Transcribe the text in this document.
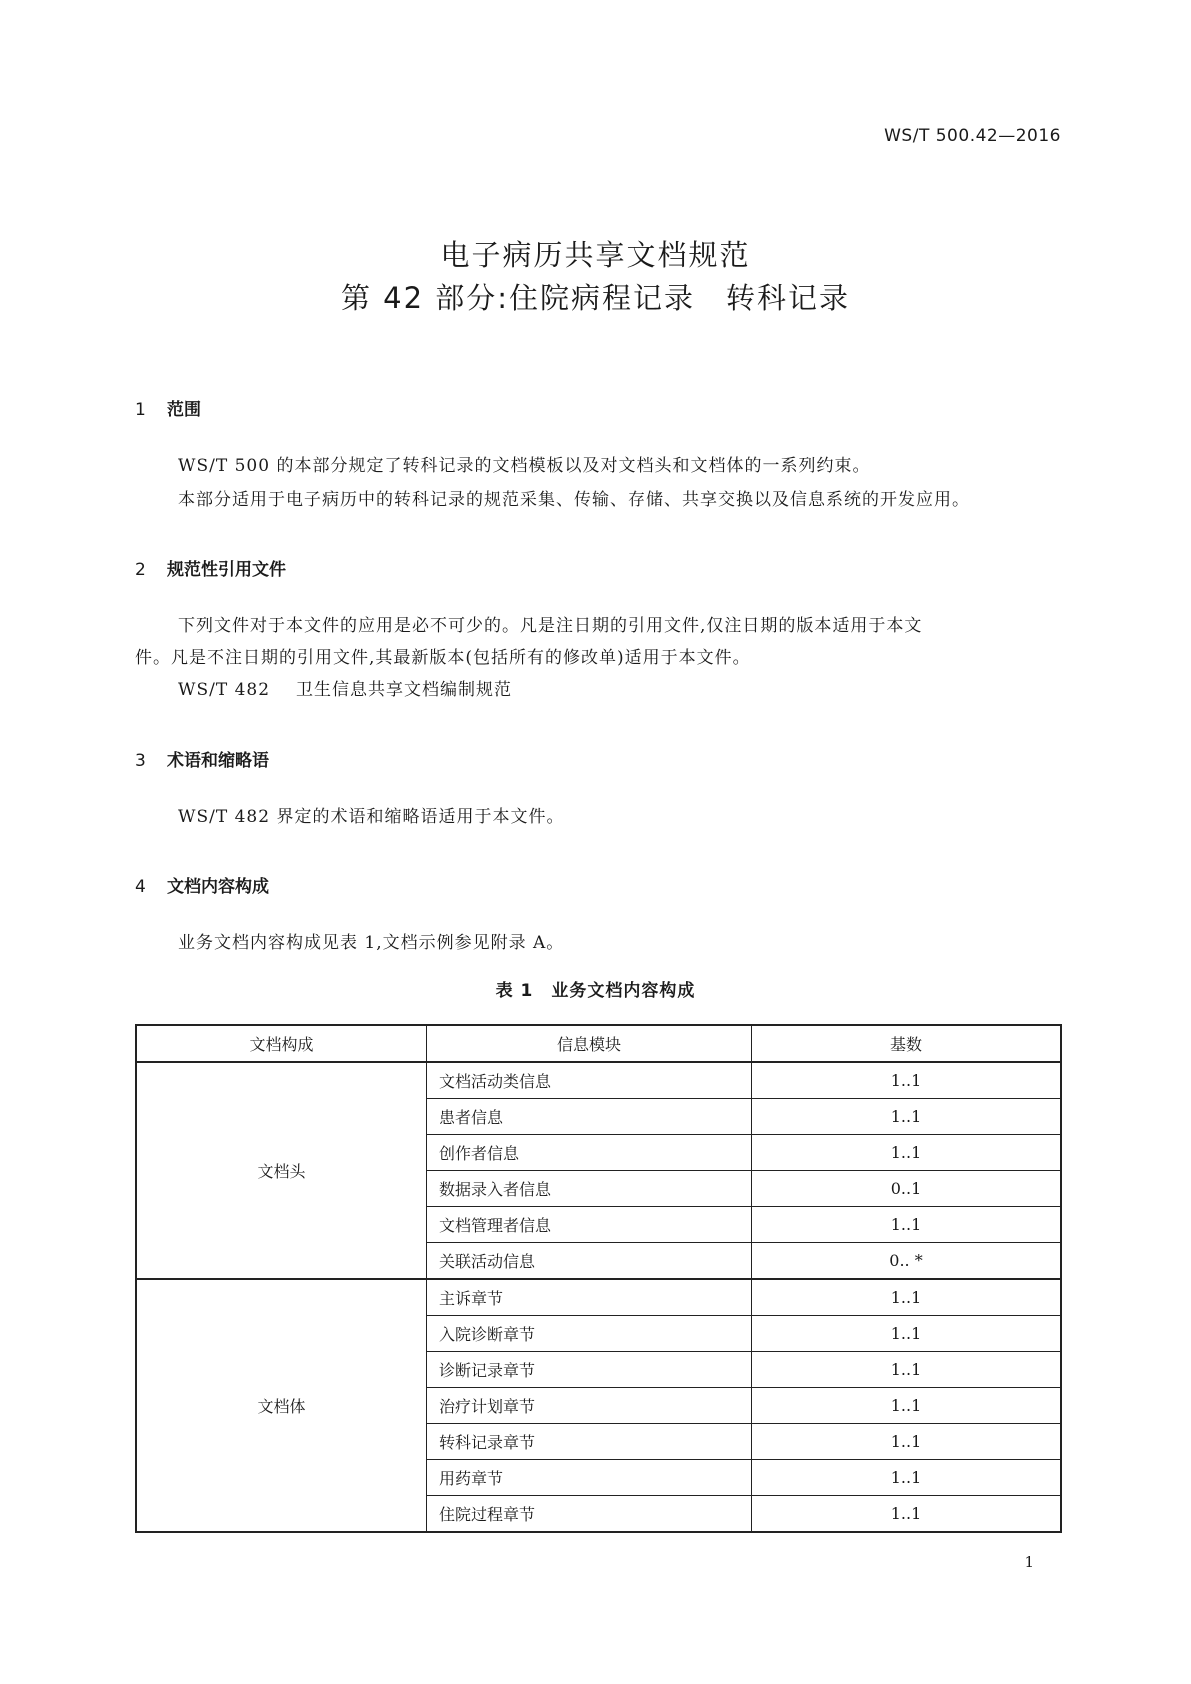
WS/T 500.42—2016
电子病历共享文档规范
第 42 部分:住院病程记录　转科记录
1 范围
WS/T 500 的本部分规定了转科记录的文档模板以及对文档头和文档体的一系列约束。
本部分适用于电子病历中的转科记录的规范采集、传输、存储、共享交换以及信息系统的开发应用。
2 规范性引用文件
下列文件对于本文件的应用是必不可少的。凡是注日期的引用文件,仅注日期的版本适用于本文
件。凡是不注日期的引用文件,其最新版本(包括所有的修改单)适用于本文件。
WS/T 482 卫生信息共享文档编制规范
3 术语和缩略语
WS/T 482 界定的术语和缩略语适用于本文件。
4 文档内容构成
业务文档内容构成见表 1,文档示例参见附录 A。
表 1　业务文档内容构成
文档构成	信息模块	基数
文档头	文档活动类信息	1..1
	患者信息	1..1
	创作者信息	1..1
	数据录入者信息	0..1
	文档管理者信息	1..1
	关联活动信息	0.. *
文档体	主诉章节	1..1
	入院诊断章节	1..1
	诊断记录章节	1..1
	治疗计划章节	1..1
	转科记录章节	1..1
	用药章节	1..1
	住院过程章节	1..1
1
